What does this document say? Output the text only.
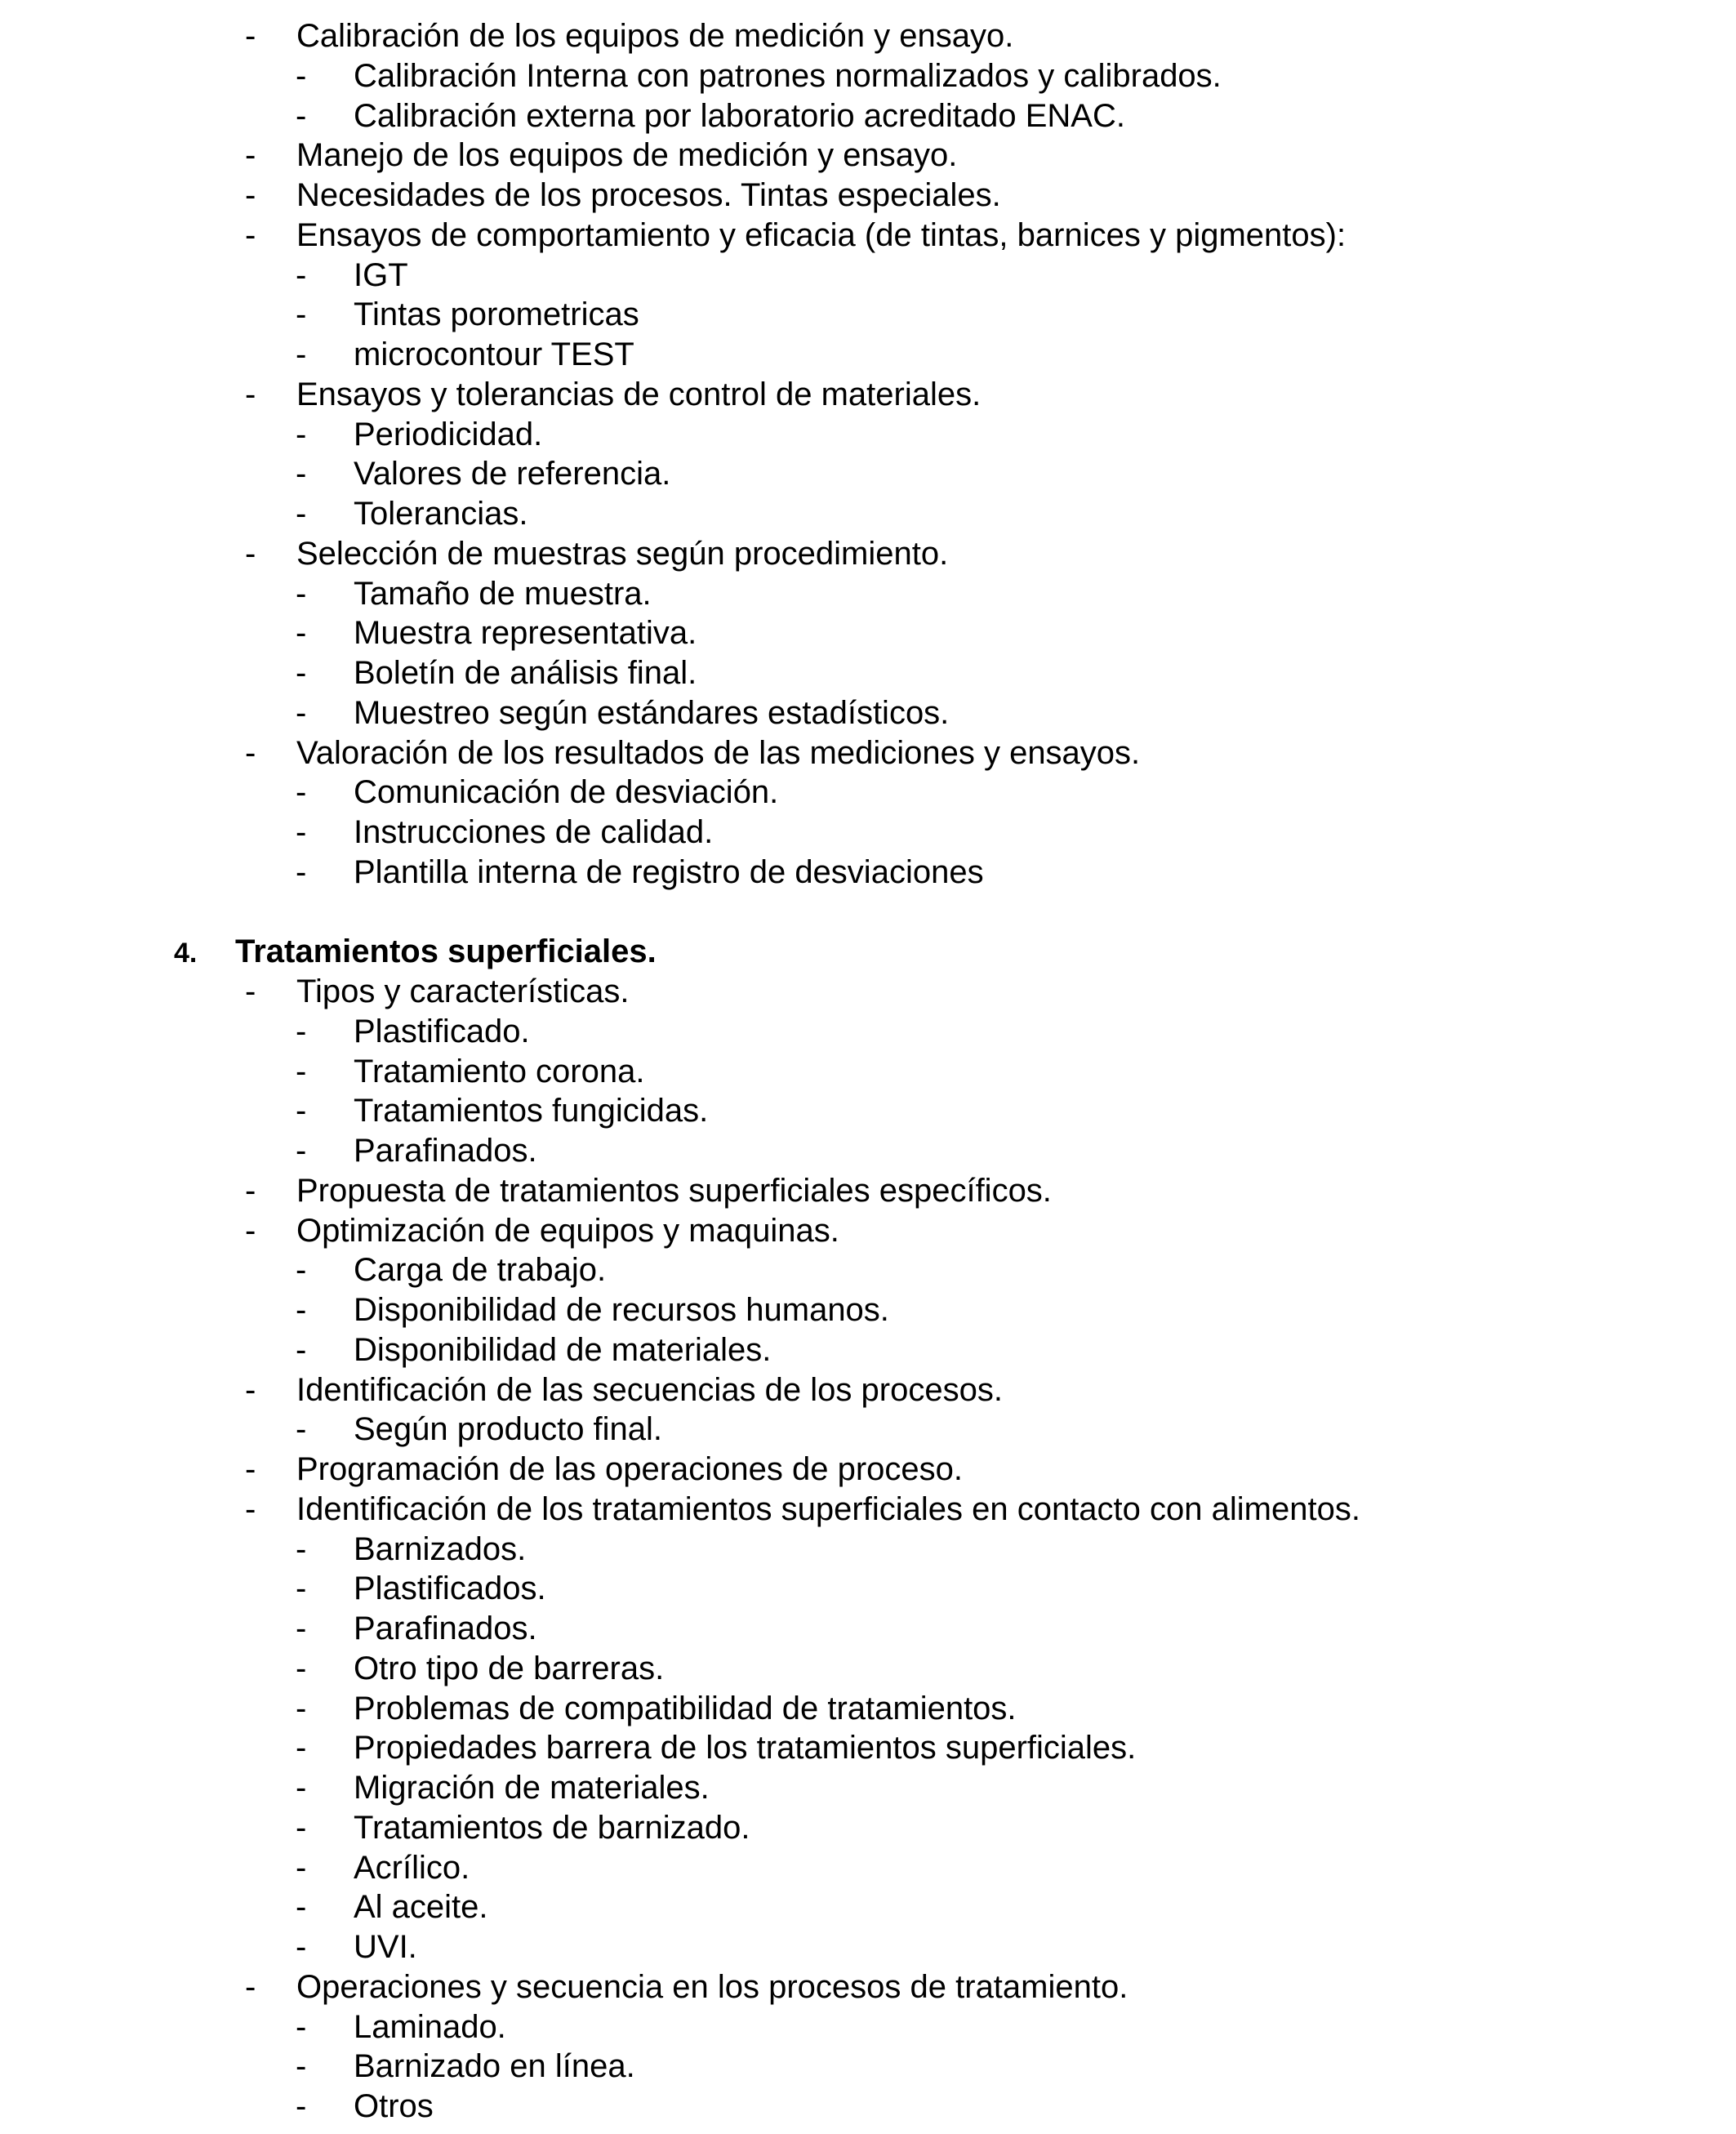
- Calibración de los equipos de medición y ensayo.
- Calibración Interna con patrones normalizados y calibrados.
- Calibración externa por laboratorio acreditado ENAC.
- Manejo de los equipos de medición y ensayo.
- Necesidades de los procesos. Tintas especiales.
- Ensayos de comportamiento y eficacia (de tintas, barnices y pigmentos):
- IGT
- Tintas porometricas
- microcontour TEST
- Ensayos y tolerancias de control de materiales.
- Periodicidad.
- Valores de referencia.
- Tolerancias.
- Selección de muestras según procedimiento.
- Tamaño de muestra.
- Muestra representativa.
- Boletín de análisis final.
- Muestreo según estándares estadísticos.
- Valoración de los resultados de las mediciones y ensayos.
- Comunicación de desviación.
- Instrucciones de calidad.
- Plantilla interna de registro de desviaciones
4. Tratamientos superficiales.
- Tipos y características.
- Plastificado.
- Tratamiento corona.
- Tratamientos fungicidas.
- Parafinados.
- Propuesta de tratamientos superficiales específicos.
- Optimización de equipos y maquinas.
- Carga de trabajo.
- Disponibilidad de recursos humanos.
- Disponibilidad de materiales.
- Identificación de las secuencias de los procesos.
- Según producto final.
- Programación de las operaciones de proceso.
- Identificación de los tratamientos superficiales en contacto con alimentos.
- Barnizados.
- Plastificados.
- Parafinados.
- Otro tipo de barreras.
- Problemas de compatibilidad de tratamientos.
- Propiedades barrera de los tratamientos superficiales.
- Migración de materiales.
- Tratamientos de barnizado.
- Acrílico.
- Al aceite.
- UVI.
- Operaciones y secuencia en los procesos de tratamiento.
- Laminado.
- Barnizado en línea.
- Otros
